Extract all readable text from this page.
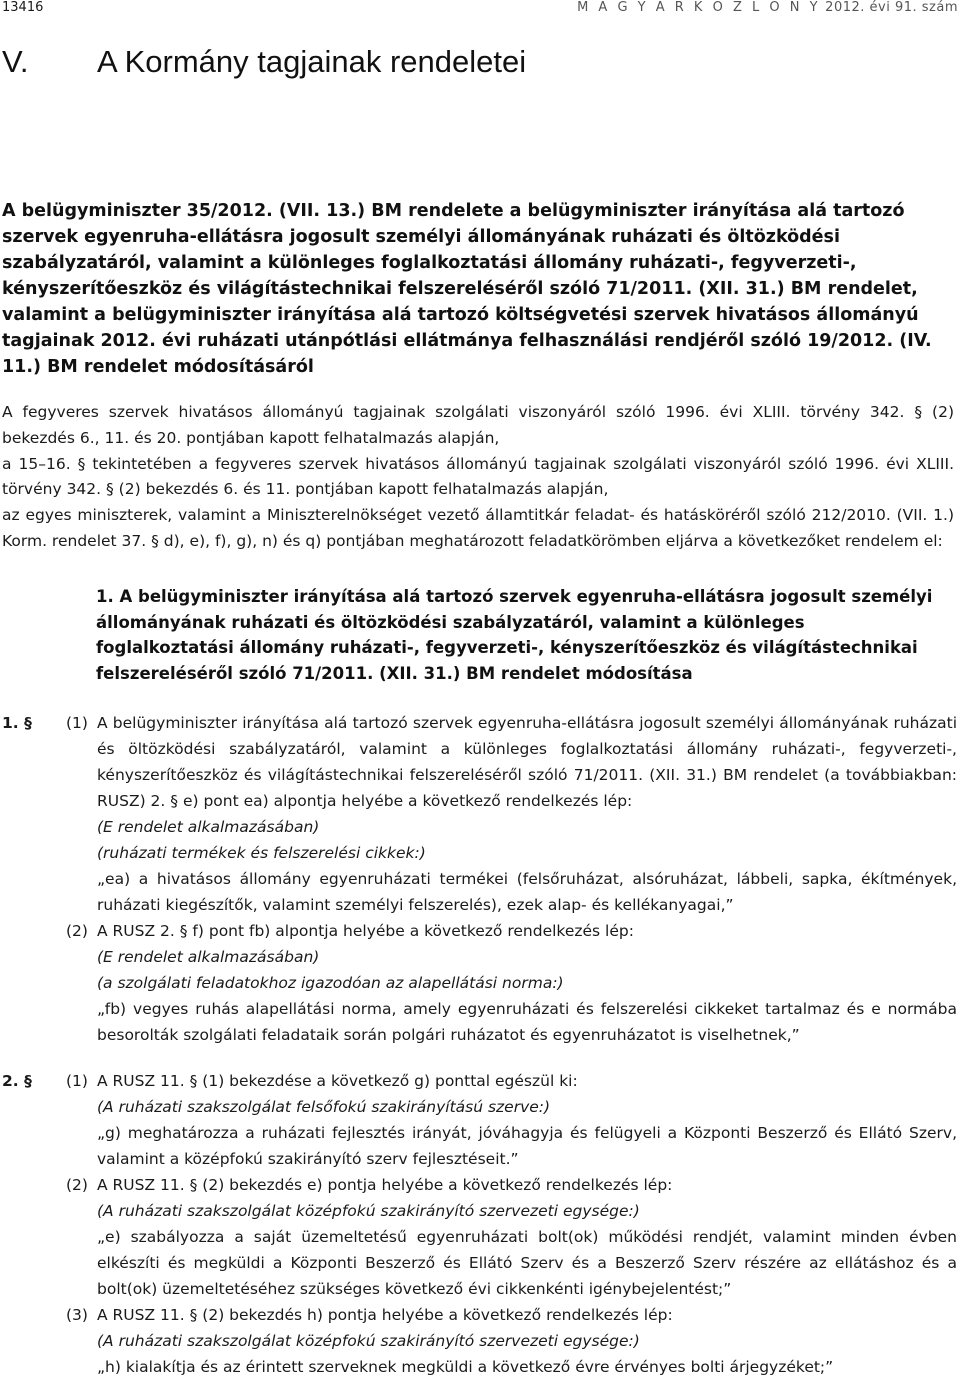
13416	M A G Y A R K Ö Z L Ö N Y 2012. évi 91. szám
V. A Kormány tagjainak rendeletei
A belügyminiszter 35/2012. (VII. 13.) BM rendelete a belügyminiszter irányítása alá tartozó szervek egyenruha-ellátásra jogosult személyi állományának ruházati és öltözködési szabályzatáról, valamint a különleges foglalkoztatási állomány ruházati-, fegyverzeti-, kényszerítőeszköz és világítástechnikai felszereléséről szóló 71/2011. (XII. 31.) BM rendelet, valamint a belügyminiszter irányítása alá tartozó költségvetési szervek hivatásos állományú tagjainak 2012. évi ruházati utánpótlási ellátmánya felhasználási rendjéről szóló 19/2012. (IV. 11.) BM rendelet módosításáról

A fegyveres szervek hivatásos állományú tagjainak szolgálati viszonyáról szóló 1996. évi XLIII. törvény 342. § (2) bekezdés 6., 11. és 20. pontjában kapott felhatalmazás alapján,

a 15–16. § tekintetében a fegyveres szervek hivatásos állományú tagjainak szolgálati viszonyáról szóló 1996. évi XLIII. törvény 342. § (2) bekezdés 6. és 11. pontjában kapott felhatalmazás alapján,

az egyes miniszterek, valamint a Miniszterelnökséget vezető államtitkár feladat- és hatásköréről szóló 212/2010. (VII. 1.) Korm. rendelet 37. § d), e), f), g), n) és q) pontjában meghatározott feladatkörömben eljárva a következőket rendelem el:

1. A belügyminiszter irányítása alá tartozó szervek egyenruha-ellátásra jogosult személyi állományának ruházati és öltözködési szabályzatáról, valamint a különleges foglalkoztatási állomány ruházati-, fegyverzeti-, kényszerítőeszköz és világítástechnikai felszereléséről szóló 71/2011. (XII. 31.) BM rendelet módosítása
1. § (1) A belügyminiszter irányítása alá tartozó szervek egyenruha-ellátásra jogosult személyi állományának ruházati és öltözködési szabályzatáról, valamint a különleges foglalkoztatási állomány ruházati-, fegyverzeti-, kényszerítőeszköz és világítástechnikai felszereléséről szóló 71/2011. (XII. 31.) BM rendelet (a továbbiakban: RUSZ) 2. § e) pont ea) alpontja helyébe a következő rendelkezés lép:

(E rendelet alkalmazásában)

(ruházati termékek és felszerelési cikkek:)

„ea) a hivatásos állomány egyenruházati termékei (felsőruházat, alsóruházat, lábbeli, sapka, ékítmények, ruházati kiegészítők, valamint személyi felszerelés), ezek alap- és kellékanyagai,”

(2) A RUSZ 2. § f) pont fb) alpontja helyébe a következő rendelkezés lép:

(E rendelet alkalmazásában)

(a szolgálati feladatokhoz igazodóan az alapellátási norma:)

„fb) vegyes ruhás alapellátási norma, amely egyenruházati és felszerelési cikkeket tartalmaz és e normába besorolták szolgálati feladataik során polgári ruházatot és egyenruházatot is viselhetnek,”

2. § (1) A RUSZ 11. § (1) bekezdése a következő g) ponttal egészül ki:

(A ruházati szakszolgálat felsőfokú szakirányítású szerve:)

„g) meghatározza a ruházati fejlesztés irányát, jóváhagyja és felügyeli a Központi Beszerző és Ellátó Szerv, valamint a középfokú szakirányító szerv fejlesztéseit.”

(2) A RUSZ 11. § (2) bekezdés e) pontja helyébe a következő rendelkezés lép:

(A ruházati szakszolgálat középfokú szakirányító szervezeti egysége:)

„e) szabályozza a saját üzemeltetésű egyenruházati bolt(ok) működési rendjét, valamint minden évben elkészíti és megküldi a Központi Beszerző és Ellátó Szerv és a Beszerző Szerv részére az ellátáshoz és a bolt(ok) üzemeltetéséhez szükséges következő évi cikkenkénti igénybejelentést;”

(3) A RUSZ 11. § (2) bekezdés h) pontja helyébe a következő rendelkezés lép:

(A ruházati szakszolgálat középfokú szakirányító szervezeti egysége:)

„h) kialakítja és az érintett szerveknek megküldi a következő évre érvényes bolti árjegyzéket;”
